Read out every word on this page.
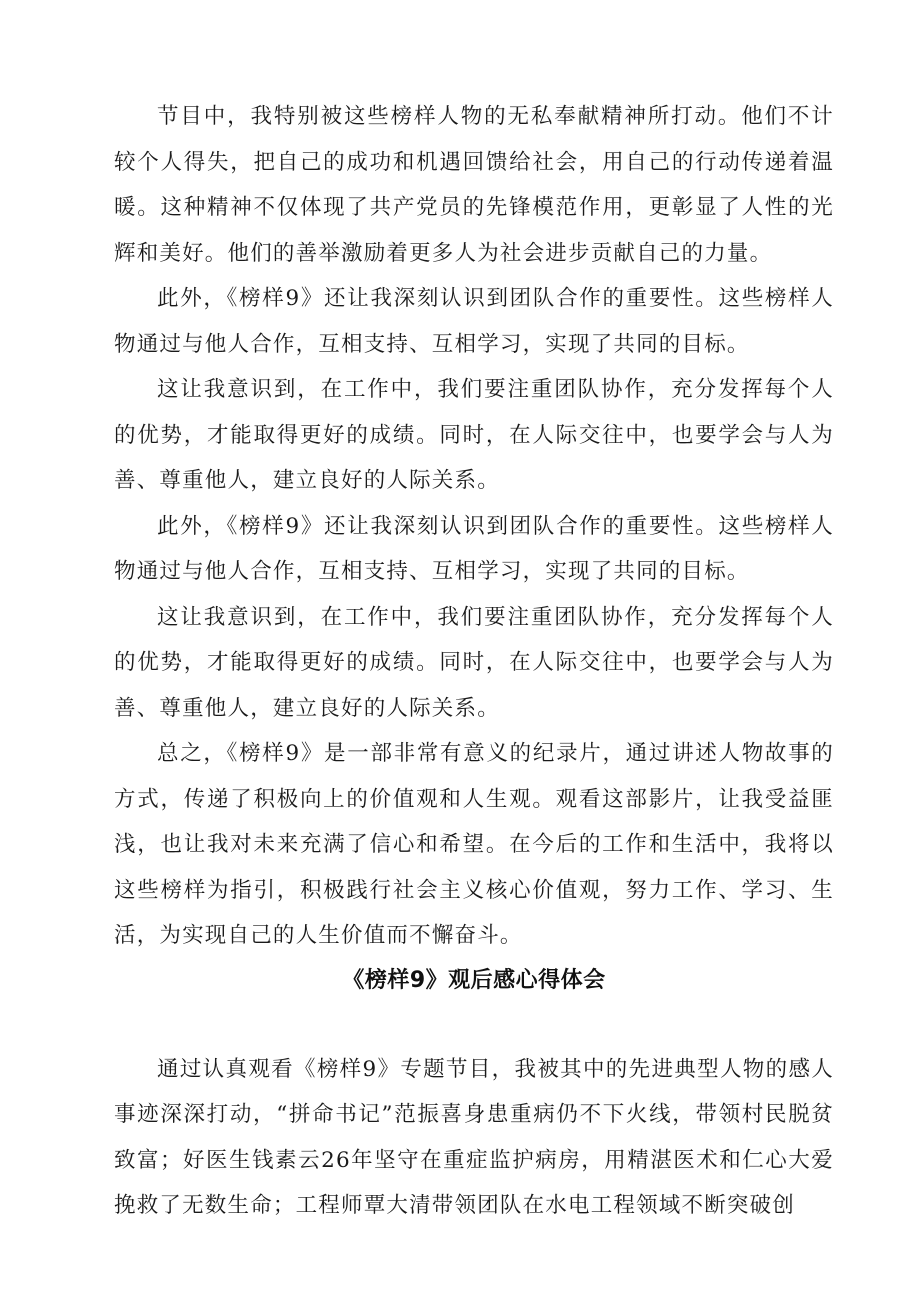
节目中，我特别被这些榜样人物的无私奉献精神所打动。他们不计较个人得失，把自己的成功和机遇回馈给社会，用自己的行动传递着温暖。这种精神不仅体现了共产党员的先锋模范作用，更彰显了人性的光辉和美好。他们的善举激励着更多人为社会进步贡献自己的力量。

此外，《榜样9》还让我深刻认识到团队合作的重要性。这些榜样人物通过与他人合作，互相支持、互相学习，实现了共同的目标。

这让我意识到，在工作中，我们要注重团队协作，充分发挥每个人的优势，才能取得更好的成绩。同时，在人际交往中，也要学会与人为善、尊重他人，建立良好的人际关系。

此外，《榜样9》还让我深刻认识到团队合作的重要性。这些榜样人物通过与他人合作，互相支持、互相学习，实现了共同的目标。

这让我意识到，在工作中，我们要注重团队协作，充分发挥每个人的优势，才能取得更好的成绩。同时，在人际交往中，也要学会与人为善、尊重他人，建立良好的人际关系。

总之，《榜样9》是一部非常有意义的纪录片，通过讲述人物故事的方式，传递了积极向上的价值观和人生观。观看这部影片，让我受益匪浅，也让我对未来充满了信心和希望。在今后的工作和生活中，我将以这些榜样为指引，积极践行社会主义核心价值观，努力工作、学习、生活，为实现自己的人生价值而不懈奋斗。

《榜样9》观后感心得体会

通过认真观看《榜样9》专题节目，我被其中的先进典型人物的感人事迹深深打动，“拼命书记”范振喜身患重病仍不下火线，带领村民脱贫致富；好医生钱素云26年坚守在重症监护病房，用精湛医术和仁心大爱挽救了无数生命；工程师覃大清带领团队在水电工程领域不断突破创
